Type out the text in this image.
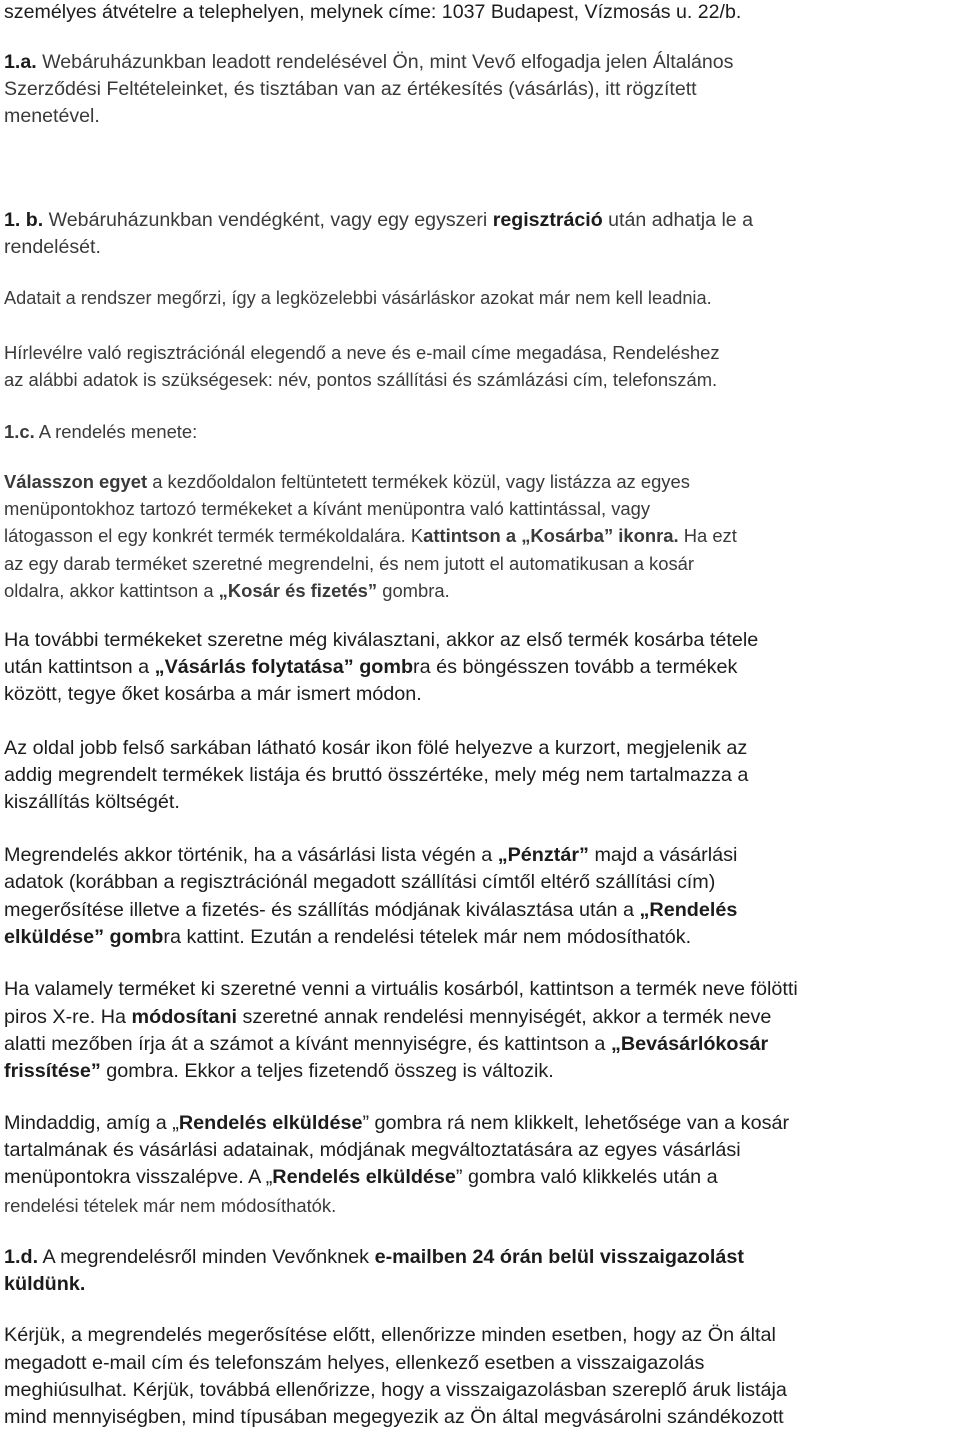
személyes átvételre a telephelyen, melynek címe: 1037 Budapest, Vízmosás u. 22/b.
1.a. Webáruházunkban leadott rendelésével Ön, mint Vevő elfogadja jelen Általános
Szerződési Feltételeinket, és tisztában van az értékesítés (vásárlás), itt rögzített
menetével.
1. b. Webáruházunkban vendégként, vagy egy egyszeri regisztráció után adhatja le a
rendelését.
Adatait a rendszer megőrzi, így a legközelebbi vásárláskor azokat már nem kell leadnia.
Hírlevélre való regisztrációnál elegendő a neve és e-mail címe megadása, Rendeléshez
az alábbi adatok is szükségesek: név, pontos szállítási és számlázási cím, telefonszám.
1.c. A rendelés menete:
Válasszon egyet a kezdőoldalon feltüntetett termékek közül, vagy listázza az egyes
menüpontokhoz tartozó termékeket a kívánt menüpontra való kattintással, vagy
látogasson el egy konkrét termék termékoldalára. Kattintson a „Kosárba” ikonra. Ha ezt
az egy darab terméket szeretné megrendelni, és nem jutott el automatikusan a kosár
oldalra, akkor kattintson a „Kosár és fizetés” gombra.
Ha további termékeket szeretne még kiválasztani, akkor az első termék kosárba tétele
után kattintson a „Vásárlás folytatása” gombra és böngésszen tovább a termékek
között, tegye őket kosárba a már ismert módon.
Az oldal jobb felső sarkában látható kosár ikon fölé helyezve a kurzort, megjelenik az
addig megrendelt termékek listája és bruttó összértéke, mely még nem tartalmazza a
kiszállítás költségét.
Megrendelés akkor történik, ha a vásárlási lista végén a „Pénztár” majd a vásárlási
adatok (korábban a regisztrációnál megadott szállítási címtől eltérő szállítási cím)
megerősítése illetve a fizetés- és szállítás módjának kiválasztása után a „Rendelés
elküldése” gombra kattint. Ezután a rendelési tételek már nem módosíthatók.
Ha valamely terméket ki szeretné venni a virtuális kosárból, kattintson a termék neve fölötti
piros X-re. Ha módosítani szeretné annak rendelési mennyiségét, akkor a termék neve
alatti mezőben írja át a számot a kívánt mennyiségre, és kattintson a „Bevásárlókosár
frissítése” gombra. Ekkor a teljes fizetendő összeg is változik.
Mindaddig, amíg a „Rendelés elküldése” gombra rá nem klikkelt, lehetősége van a kosár
tartalmának és vásárlási adatainak, módjának megváltoztatására az egyes vásárlási
menüpontokra visszalépve. A „Rendelés elküldése” gombra való klikkelés után a
rendelési tételek már nem módosíthatók.
1.d. A megrendelésről minden Vevőnknek e-mailben 24 órán belül visszaigazolást
küldünk.
Kérjük, a megrendelés megerősítése előtt, ellenőrizze minden esetben, hogy az Ön által
megadott e-mail cím és telefonszám helyes, ellenkező esetben a visszaigazolás
meghiúsulhat. Kérjük, továbbá ellenőrizze, hogy a visszaigazolásban szereplő áruk listája
mind mennyiségben, mind típusában megegyezik az Ön által megvásárolni szándékozott
